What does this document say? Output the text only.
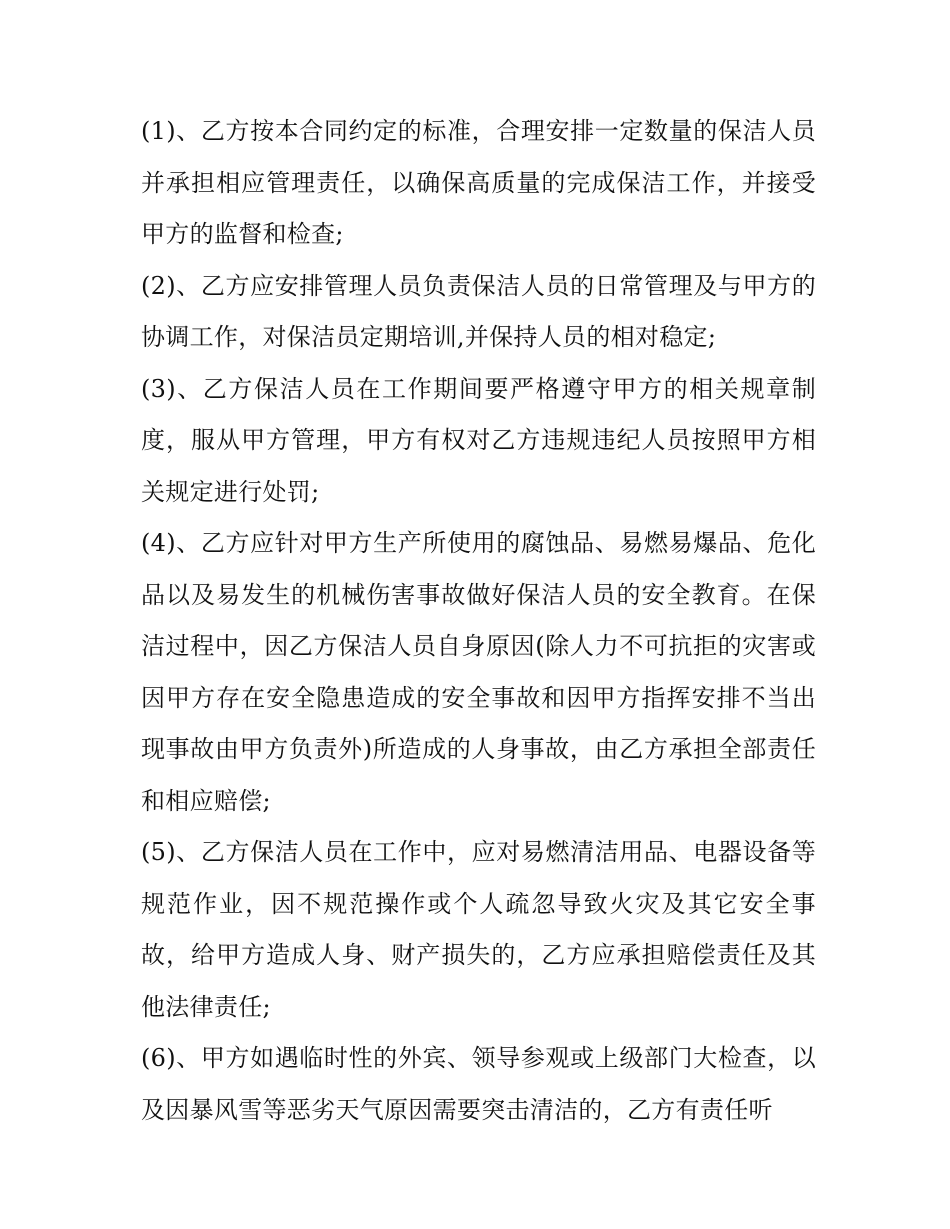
(1)、乙方按本合同约定的标准，合理安排一定数量的保洁人员并承担相应管理责任，以确保高质量的完成保洁工作，并接受甲方的监督和检查;

(2)、乙方应安排管理人员负责保洁人员的日常管理及与甲方的协调工作，对保洁员定期培训,并保持人员的相对稳定;

(3)、乙方保洁人员在工作期间要严格遵守甲方的相关规章制度，服从甲方管理，甲方有权对乙方违规违纪人员按照甲方相关规定进行处罚;

(4)、乙方应针对甲方生产所使用的腐蚀品、易燃易爆品、危化品以及易发生的机械伤害事故做好保洁人员的安全教育。在保洁过程中，因乙方保洁人员自身原因(除人力不可抗拒的灾害或因甲方存在安全隐患造成的安全事故和因甲方指挥安排不当出现事故由甲方负责外)所造成的人身事故，由乙方承担全部责任和相应赔偿;

(5)、乙方保洁人员在工作中，应对易燃清洁用品、电器设备等规范作业，因不规范操作或个人疏忽导致火灾及其它安全事故，给甲方造成人身、财产损失的，乙方应承担赔偿责任及其他法律责任;

(6)、甲方如遇临时性的外宾、领导参观或上级部门大检查，以及因暴风雪等恶劣天气原因需要突击清洁的，乙方有责任听
